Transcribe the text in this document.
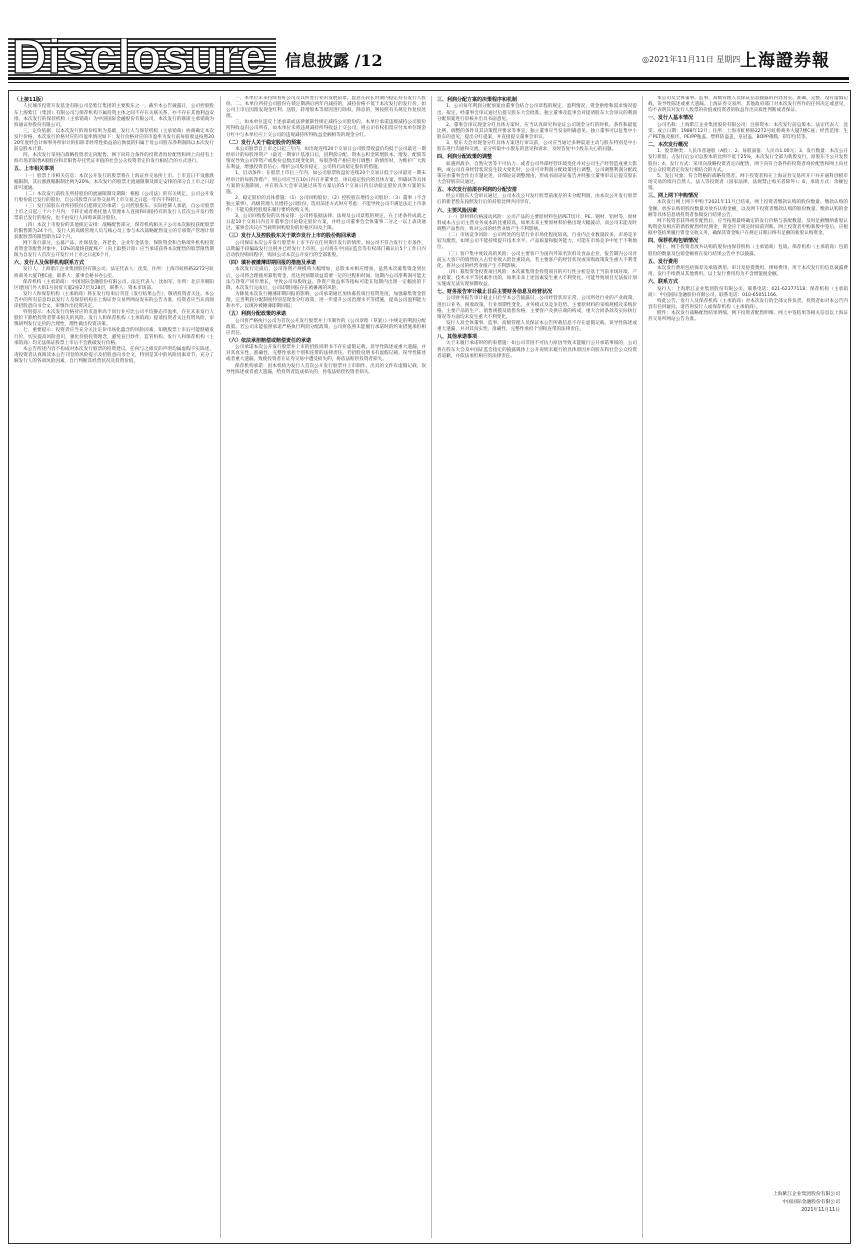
Disclosure 信息披露 /12	◎2021年11月11日 星期四 上海證券報
（上接11版）

人民城市投资开发基金有限公司是紫江集团的主要股东之一。截至本公告披露日，公司控股股东上海紫江（集团）有限公司与保荐机构下属投资主体之间不存在关联关系，亦不存在其他利益安排。本次发行的保荐机构（主承销商）为中国国际金融股份有限公司，本次发行的联席主承销商为海通证券股份有限公司。

三、定价依据：以本次发行的询价结果为基础，发行人与保荐机构（主承销商）协商确定本次发行价格，本次发行价格对应的市盈率情况如下：发行价格对应的市盈率为发行前每股收益按照2020年度经会计师事务所审计的扣除非经常性损益前后孰低的归属于母公司股东净利润除以本次发行前总股本计算。

四、本次发行采用向战略投资者定向配售、网下向符合条件的投资者询价配售和网上向持有上海市场非限售A股股份和非限售存托凭证市值的社会公众投资者定价发行相结合的方式进行。

五、上市相关事项

（一）股票上市相关信息：本次公开发行的股票将在上海证券交易所上市。上市首日不设涨跌幅限制，其后涨跌幅限制比例为20%。本次发行的股票无流通限制及锁定安排的部分自上市之日起即可流通。

（二）本次发行前股东所持股份的流通限制及期限：根据《公司法》的有关规定，公司公开发行股份前已发行的股份，自公司股票在证券交易所上市交易之日起一年内不得转让。

（三）发行前股东对所持股份自愿锁定的承诺：公司控股股东、实际控制人承诺，自公司股票上市之日起三十六个月内，不转让或者委托他人管理本人直接和间接持有的发行人首次公开发行股票前已发行的股份，也不由发行人回购该部分股份。

（四）本次上市股份的其他锁定安排：战略配售部分，保荐机构相关子公司本次跟投获配股票的限售期为24个月，发行人的高级管理人员与核心员工参与本次战略配售设立的专项资产管理计划获配股票的限售期为12个月。

网下发行部分，公募产品、社保基金、养老金、企业年金基金、保险资金和合格境外机构投资者资金等配售对象中，10%的最终获配账户（向上取整计算）应当承诺获得本次配售的股票限售期限为自发行人首次公开发行并上市之日起6个月。

六、发行人及保荐机构联系方式

发行人：上海紫江企业集团股份有限公司，法定代表人：沈雯，住所：上海市虹桥路2272号虹桥商务大厦7楼C座，联系人：董事会秘书办公室。

保荐机构（主承销商）：中国国际金融股份有限公司，法定代表人：沈如军，住所：北京市朝阳区建国门外大街1号国贸大厦2座27层及28层，联系人：资本市场部。

发行人和保荐机构（主承销商）将在发行结束后刊登《发行结果公告》，敬请投资者关注。本公告中的所有信息均以发行人及保荐机构在上海证券交易所网站发布的公告为准，投资者应当认真阅读招股意向书全文，审慎作出投资决定。

特别提示：本次发行价格对应的市盈率高于同行业可比公司平均静态市盈率，存在未来发行人股价下跌给投资者带来损失的风险。发行人和保荐机构（主承销商）提请投资者关注投资风险，审慎研判发行定价的合理性，理性做出投资决策。

七、重要提示：投资者应当充分关注定价市场化蕴含的风险因素，知晓股票上市后可能跌破发行价，切实提高风险意识，强化价值投资理念，避免盲目炒作，监管机构、发行人和保荐机构（主承销商）均无法保证股票上市后不会跌破发行价格。

本公告所述内容不构成对本次发行股票的投资建议。任何与之相反的声明均属虚假不实陈述。请投资者认真阅读本公告刊登的风险提示及招股意向书全文，特别是其中的风险因素章节，充分了解发行人的各项风险因素，自行判断其经营状况及投资价值。

一、本单位未来持续看好公司及其所处行业的发展前景，愿意在较长时期内稳定持有发行人股份。二、本单位所持公司股份在锁定期满后两年内减持的，减持价格不低于本次发行的发行价，如公司上市后因派发现金红利、送股、转增股本等原因进行除权、除息的，则按照有关规定作复权处理。

三、如本单位违反上述承诺或法律强制性规定减持公司股份的，本单位承诺违规减持公司股份所得收益归公司所有，如本单位未将违规减持所得收益上交公司，则公司有权扣留应付本单位现金分红中与本单位应上交公司的违规减持所得收益金额相等的现金分红。

（二）发行人关于稳定股价的预案

本公司股票自上市之日起三年内，如出现连续20个交易日公司股票收盘价均低于公司最近一期经审计的每股净资产（最近一期审计基准日后，因利润分配、资本公积金转增股本、增发、配股等情况导致公司净资产或股份总数出现变化的，每股净资产相应进行调整）的情形时，为维护广大股东利益，增强投资者信心，维护公司股价稳定，公司将启动稳定股价的措施。

1、启动条件：在股票上市后三年内，如公司股票收盘价连续20个交易日低于公司最近一期末经审计的每股净资产，则公司应当在10日内召开董事会，审议稳定股价的具体方案，明确该等具体方案的实施期间，并在股东大会审议通过该等方案后的5个交易日内启动稳定股价具体方案的实施。

2、稳定股价的具体措施：（1）公司回购股份；（2）控股股东增持公司股份；（3）董事（不含独立董事）、高级管理人员增持公司股份。选用前述方式时应考虑：不能导致公司不满足法定上市条件；不能迫使控股股东履行要约收购义务。

3、公司回购股份的具体安排：公司将依据法律、法规及公司章程的规定，在上述条件成就之日起10个交易日内召开董事会讨论稳定股价方案，并经公司董事会全体董事二分之一以上表决通过，董事会决议应当载明回购股份的价格区间及上限。

（三）发行人及控股股东关于欺诈发行上市的股份购回承诺

公司保证本次公开发行股票并上市不存在任何欺诈发行的情形。如公司不符合发行上市条件，以欺骗手段骗取发行注册并已经发行上市的，公司将在中国证监会等有权部门确认后5个工作日内启动股份购回程序，购回公司本次公开发行的全部新股。

（四）填补被摊薄即期回报的措施及承诺

本次发行完成后，公司净资产规模将大幅增加，总股本亦相应增加，虽然本次募集资金到位后，公司将合理使用募集资金，但达到预期效益需要一定的过程和时间，短期内公司净利润可能无法与净资产同步增长，导致公司每股收益、净资产收益率等指标可能在短期内出现一定幅度的下降，本次发行完成后，公司即期回报存在被摊薄的风险。

为降低本次发行摊薄即期回报的影响，公司承诺通过加快募投项目投资进度，加强募集资金管理，完善利润分配制度特别是现金分红政策，进一步提升公司治理水平等措施，提高公司盈利能力和水平，以填补被摊薄即期回报。

（五）利润分配政策的承诺

公司将严格执行公司为首次公开发行股票并上市制作的《公司章程（草案）》中规定的利润分配政策。若公司未能依照承诺严格执行利润分配政策，公司将依照未能履行承诺时的约束措施承担相应责任。

（六）依法承担赔偿或赔偿责任的承诺

公司承诺本次公开发行股票并上市的招股说明书不存在虚假记载、误导性陈述或重大遗漏，并对其真实性、准确性、完整性承担个别和连带的法律责任。若招股说明书有虚假记载、误导性陈述或者重大遗漏，致使投资者在证券交易中遭受损失的，将依法赔偿投资者损失。

保荐机构承诺：因本机构为发行人首次公开发行股票并上市制作、出具的文件有虚假记载、误导性陈述或者重大遗漏，给投资者造成损失的，将依法赔偿投资者损失。

三、利润分配方案的决策程序和机制

1、公司每年利润分配预案由董事会结合公司章程的规定、盈利情况、资金供给和需求情况提出、拟定，经董事会审议通过后提交股东大会批准。独立董事及监事会对提请股东大会审议的利润分配预案进行审核并出具书面意见。

2、董事会审议现金分红具体方案时，应当认真研究和论证公司现金分红的时机、条件和最低比例、调整的条件及其决策程序要求等事宜，独立董事应当发表明确意见。独立董事可以征集中小股东的意见，提出分红提案，并直接提交董事会审议。

3、股东大会对现金分红具体方案进行审议前，公司应当通过多种渠道主动与股东特别是中小股东进行沟通和交流，充分听取中小股东的意见和诉求，及时答复中小股东关心的问题。

四、利润分配政策的调整

如遇到战争、自然灾害等不可抗力、或者公司外部经营环境变化并对公司生产经营造成重大影响，或公司自身经营状况发生较大变化时，公司可对利润分配政策进行调整。公司调整利润分配政策应由董事会作出专题论述，详细论证调整理由，形成书面论证报告并经独立董事审议后提交股东大会特别决议通过。

五、本次发行前滚存利润的分配安排

经公司股东大会审议通过，公司本次公开发行股票前滚存的未分配利润，由本次公开发行股票后的新老股东按照发行后的持股比例共同享有。

六、主要风险因素

（一）原材料价格波动风险：公司产品的主要原材料包括PET切片、PE、钢材、铝材等，原材料成本占公司主营业务成本的比重较高，如果未来主要原材料价格出现大幅波动，而公司未能及时调整产品售价，将对公司的经营业绩产生不利影响。

（二）市场竞争风险：公司所处的包装行业市场化程度较高，行业内企业数量较多，市场竞争较为激烈。如果公司不能持续提升技术水平、产品质量和服务能力，可能在市场竞争中处于不利地位。

（三）客户集中度较高的风险：公司主要客户为国内外知名饮料及食品企业，报告期内公司对前五大客户的销售收入占营业收入的比重较高，若主要客户的经营状况或采购政策发生重大不利变化，将对公司的经营业绩产生不利影响。

（四）募集资金投资项目风险：本次募集资金投资项目的可行性分析是基于当前市场环境、产业政策、技术水平等因素作出的，如果未来上述因素发生重大不利变化，可能导致项目无法按计划实施或无法实现预期收益。

七、财务报告审计截止日后主要财务信息及经营状况

公司财务报告审计截止日后至本公告披露日，公司经营状况正常，公司所处行业的产业政策、进出口业务、税收政策、行业周期性变化、业务模式及竞争趋势、主要原材料的采购规模及采购价格、主要产品的生产、销售规模及销售价格，主要客户及供应商的构成，重大合同条款及实际执行情况等方面均未发生重大不利变化。

发行人及全体董事、监事、高级管理人员保证本公告所载信息不存在虚假记载、误导性陈述或重大遗漏，并对其真实性、准确性、完整性承担个别和连带的法律责任。

八、其他承诺事项

关于未履行承诺时的约束措施：如公司非因不可抗力原因导致未能履行公开承诺事项的，公司将在股东大会及中国证监会指定的披露媒体上公开说明未履行的具体原因并向股东和社会公众投资者道歉，并依法承担相应的法律责任。

本公司及全体董事、监事、高级管理人员保证信息披露的内容真实、准确、完整，没有虚假记载、误导性陈述或重大遗漏。上海证券交易所、其他政府部门对本次发行所作的任何决定或意见，均不表明其对发行人股票的价值或投资者的收益作出实质性判断或者保证。

一、发行人基本情况

公司名称：上海紫江企业集团股份有限公司；注册资本：本次发行前总股本；法定代表人：沈雯；成立日期：1988年12月；住所：上海市虹桥路2272号虹桥商务大厦7楼C座；经营范围：生产PET瓶及瓶坯、PE/PP瓶盖、塑料防盗盖、皇冠盖、BOPP薄膜、彩印包装等。

二、本次发行概况

1、股票种类：人民币普通股（A股）；2、每股面值：人民币1.00元；3、发行数量：本次公开发行新股，占发行后公司总股本的比例不低于25%，本次发行全部为新股发行，原股东不公开发售股份；4、发行方式：采用向战略投资者定向配售、网下向符合条件的投资者询价配售和网上向社会公众投资者定价发行相结合的方式。

5、发行对象：符合资格的战略投资者、网下投资者和在上海证券交易所开户并开通科创板市场交易的境内自然人、法人等投资者（国家法律、法规禁止购买者除外）；6、承销方式：余额包销。

三、网上网下申购情况

本次发行网上网下申购于2021年11月已结束。网上投资者缴款认购的股份数量、缴款认购的金额、放弃认购的股份数量及放弃认购金额，以及网下投资者缴款认购的股份数量、缴款认购的金额等具体信息请投资者参阅发行结果公告。

网下投资者获得初步配售后，应当按照最终确定的发行价格与获配数量，及时足额缴纳新股认购资金及相应的新股配售经纪佣金，资金应于规定时间前到账。网上投资者申购新股中签后，应根据中签结果履行资金交收义务，确保其资金账户在规定日期日终有足额的新股认购资金。

四、保荐机构包销情况

网上、网下投资者放弃认购的股份由保荐机构（主承销商）包销。保荐机构（主承销商）包销股份的数量及包销金额将在发行结果公告中予以披露。

五、发行费用

本次发行费用包括保荐及承销费用、审计及验资费用、律师费用、用于本次发行的信息披露费用、发行手续费及其他费用。以上发行费用均为不含增值税金额。

六、联系方式

发行人：上海紫江企业集团股份有限公司，联系电话：021-62377118；保荐机构（主承销商）：中国国际金融股份有限公司，联系电话：010-65051166。

特此公告。发行人及保荐机构（主承销商）对本次发行的全部文件负责，投资者如对本公告内容有任何疑问，请咨询发行人或保荐机构（主承销商）。

附件：本次发行战略配售结果明细、网下投资者配售明细、网上中签结果等相关信息以上海证券交易所网站公告为准。

上海紫江企业集团股份有限公司
中国国际金融股份有限公司
2021年11月11日
